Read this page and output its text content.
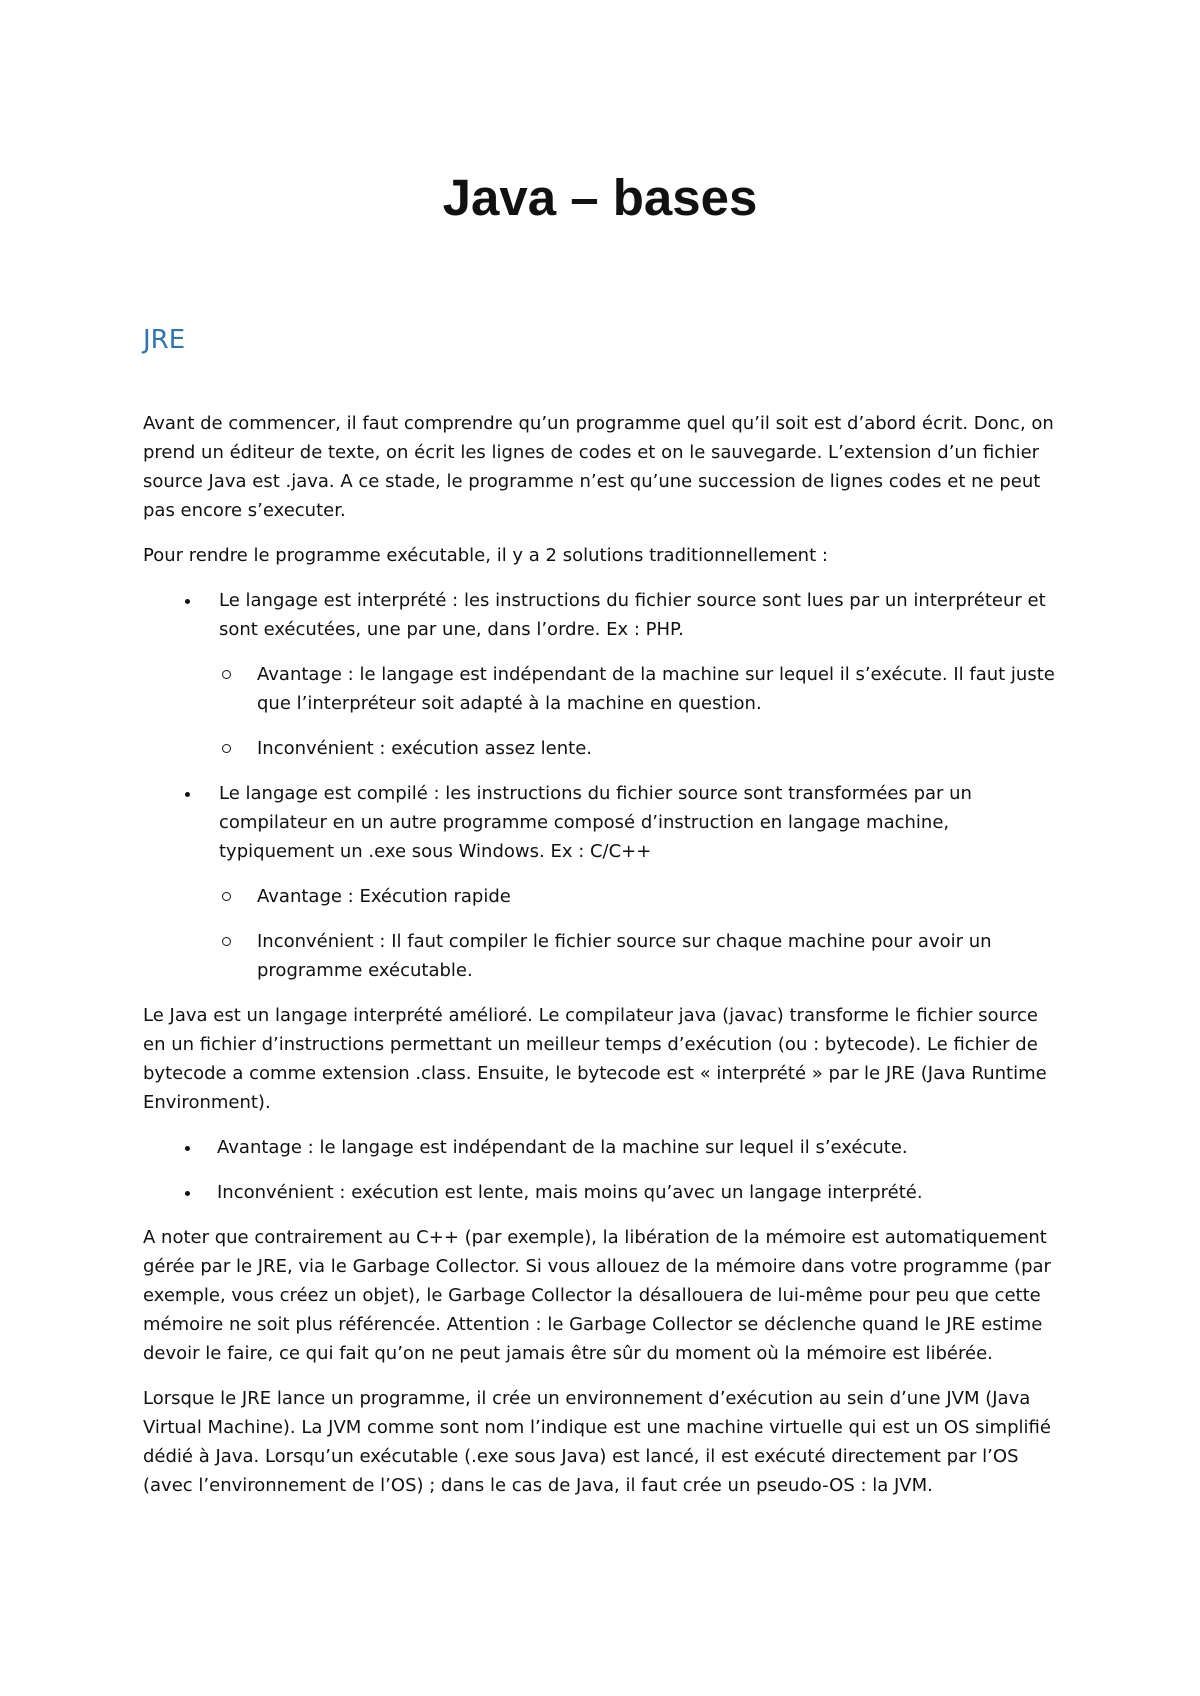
Java – bases
JRE

Avant de commencer, il faut comprendre qu’un programme quel qu’il soit est d’abord écrit. Donc, on prend un éditeur de texte, on écrit les lignes de codes et on le sauvegarde. L’extension d’un fichier source Java est .java. A ce stade, le programme n’est qu’une succession de lignes codes et ne peut pas encore s’executer.

Pour rendre le programme exécutable, il y a 2 solutions traditionnellement :

Le langage est interprété : les instructions du fichier source sont lues par un interpréteur et sont exécutées, une par une, dans l’ordre. Ex : PHP.
Avantage : le langage est indépendant de la machine sur lequel il s’exécute. Il faut juste que l’interpréteur soit adapté à la machine en question.
Inconvénient : exécution assez lente.
Le langage est compilé : les instructions du fichier source sont transformées par un compilateur en un autre programme composé d’instruction en langage machine, typiquement un .exe sous Windows. Ex : C/C++
Avantage : Exécution rapide
Inconvénient : Il faut compiler le fichier source sur chaque machine pour avoir un programme exécutable.

Le Java est un langage interprété amélioré. Le compilateur java (javac) transforme le fichier source en un fichier d’instructions permettant un meilleur temps d’exécution (ou : bytecode). Le fichier de bytecode a comme extension .class. Ensuite, le bytecode est « interprété » par le JRE (Java Runtime Environment).

Avantage : le langage est indépendant de la machine sur lequel il s’exécute.
Inconvénient : exécution est lente, mais moins qu’avec un langage interprété.

A noter que contrairement au C++ (par exemple), la libération de la mémoire est automatiquement gérée par le JRE, via le Garbage Collector. Si vous allouez de la mémoire dans votre programme (par exemple, vous créez un objet), le Garbage Collector la désallouera de lui-même pour peu que cette mémoire ne soit plus référencée. Attention : le Garbage Collector se déclenche quand le JRE estime devoir le faire, ce qui fait qu’on ne peut jamais être sûr du moment où la mémoire est libérée.

Lorsque le JRE lance un programme, il crée un environnement d’exécution au sein d’une JVM (Java Virtual Machine). La JVM comme sont nom l’indique est une machine virtuelle qui est un OS simplifié dédié à Java. Lorsqu’un exécutable (.exe sous Java) est lancé, il est exécuté directement par l’OS (avec l’environnement de l’OS) ; dans le cas de Java, il faut crée un pseudo-OS : la JVM.
